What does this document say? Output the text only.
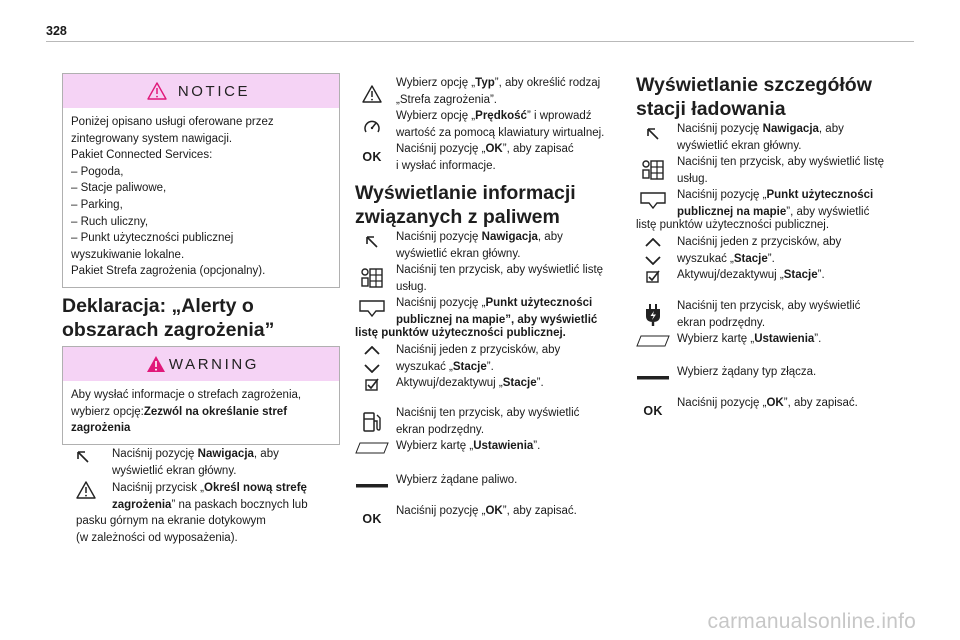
328
NOTICE
Poniżej opisano usługi oferowane przez
zintegrowany system nawigacji.
Pakiet Connected Services:
– Pogoda,
– Stacje paliwowe,
– Parking,
– Ruch uliczny,
– Punkt użyteczności publicznej
wyszukiwanie lokalne.
Pakiet Strefa zagrożenia (opcjonalny).
Deklaracja: „Alerty o
obszarach zagrożenia”
WARNING
Aby wysłać informacje o strefach zagrożenia,
wybierz opcję:Zezwól na określanie stref
zagrożenia
Naciśnij pozycję Nawigacja, aby
wyświetlić ekran główny.
Naciśnij przycisk „Określ nową strefę
zagrożenia” na paskach bocznych lub
pasku górnym na ekranie dotykowym
(w zależności od wyposażenia).
Wybierz opcję „Typ”, aby określić rodzaj
„Strefa zagrożenia”.
Wybierz opcję „Prędkość” i wprowadź
wartość za pomocą klawiatury wirtualnej.
OK
Naciśnij pozycję „OK”, aby zapisać
i wysłać informacje.
Wyświetlanie informacji
związanych z paliwem
Naciśnij pozycję Nawigacja, aby
wyświetlić ekran główny.
Naciśnij ten przycisk, aby wyświetlić listę
usług.
Naciśnij pozycję „Punkt użyteczności
publicznej na mapie”, aby wyświetlić
listę punktów użyteczności publicznej.
Naciśnij jeden z przycisków, aby
wyszukać „Stacje”.
Aktywuj/dezaktywuj „Stacje”.
Naciśnij ten przycisk, aby wyświetlić
ekran podrzędny.
Wybierz kartę „Ustawienia”.
Wybierz żądane paliwo.
OK
Naciśnij pozycję „OK”, aby zapisać.
Wyświetlanie szczegółów
stacji ładowania
Naciśnij pozycję Nawigacja, aby
wyświetlić ekran główny.
Naciśnij ten przycisk, aby wyświetlić listę
usług.
Naciśnij pozycję „Punkt użyteczności
publicznej na mapie”, aby wyświetlić
listę punktów użyteczności publicznej.
Naciśnij jeden z przycisków, aby
wyszukać „Stacje”.
Aktywuj/dezaktywuj „Stacje”.
Naciśnij ten przycisk, aby wyświetlić
ekran podrzędny.
Wybierz kartę „Ustawienia”.
Wybierz żądany typ złącza.
OK
Naciśnij pozycję „OK”, aby zapisać.
carmanualsonline.info
